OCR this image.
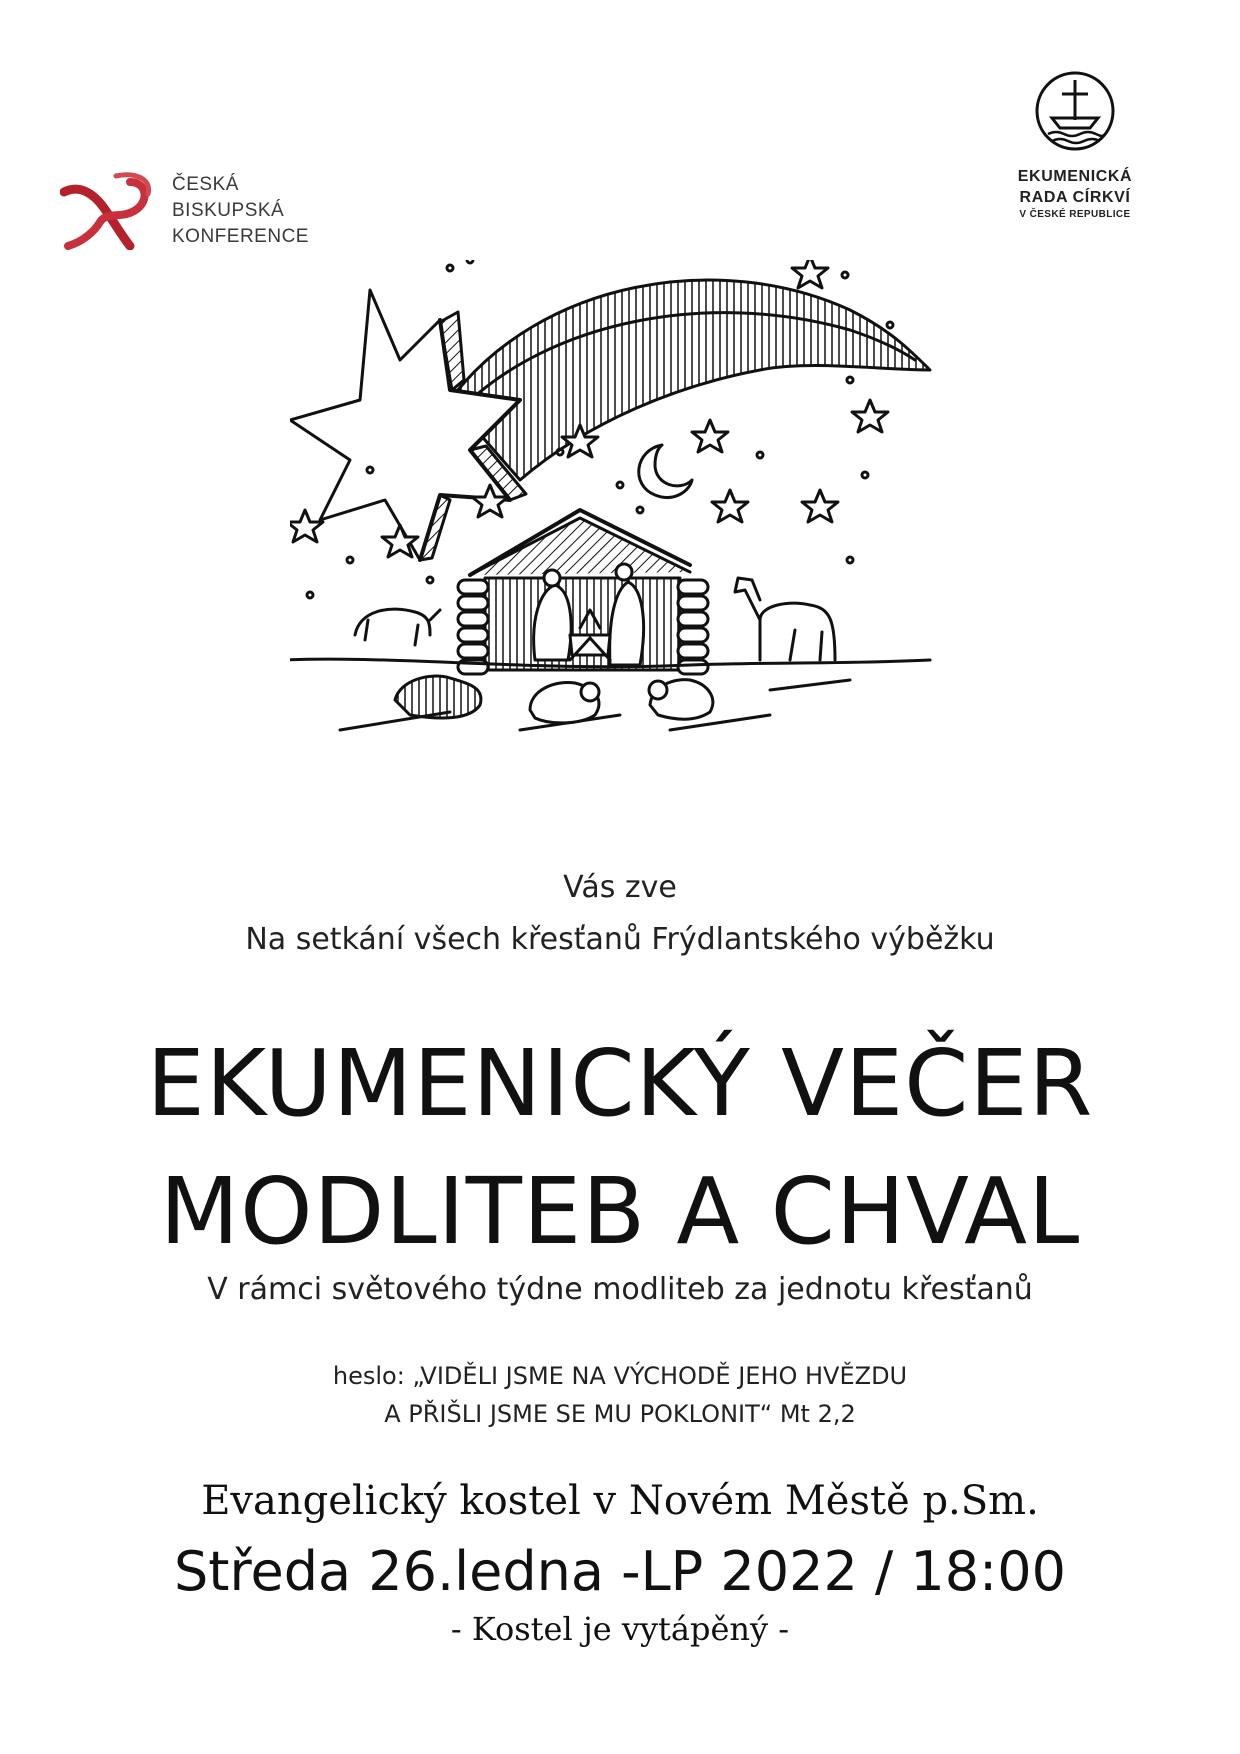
ČESKÁ
BISKUPSKÁ
KONFERENCE
EKUMENICKÁ
RADA CÍRKVÍ
V ČESKÉ REPUBLICE
Vás zve
Na setkání všech křesťanů Frýdlantského výběžku
EKUMENICKÝ VEČER
MODLITEB A CHVAL
V rámci světového týdne modliteb za jednotu křesťanů
heslo: „VIDĚLI JSME NA VÝCHODĚ JEHO HVĚZDU
A PŘIŠLI JSME SE MU POKLONIT“ Mt 2,2
Evangelický kostel v Novém Městě p.Sm.
Středa 26.ledna -LP 2022 / 18:00
- Kostel je vytápěný -
